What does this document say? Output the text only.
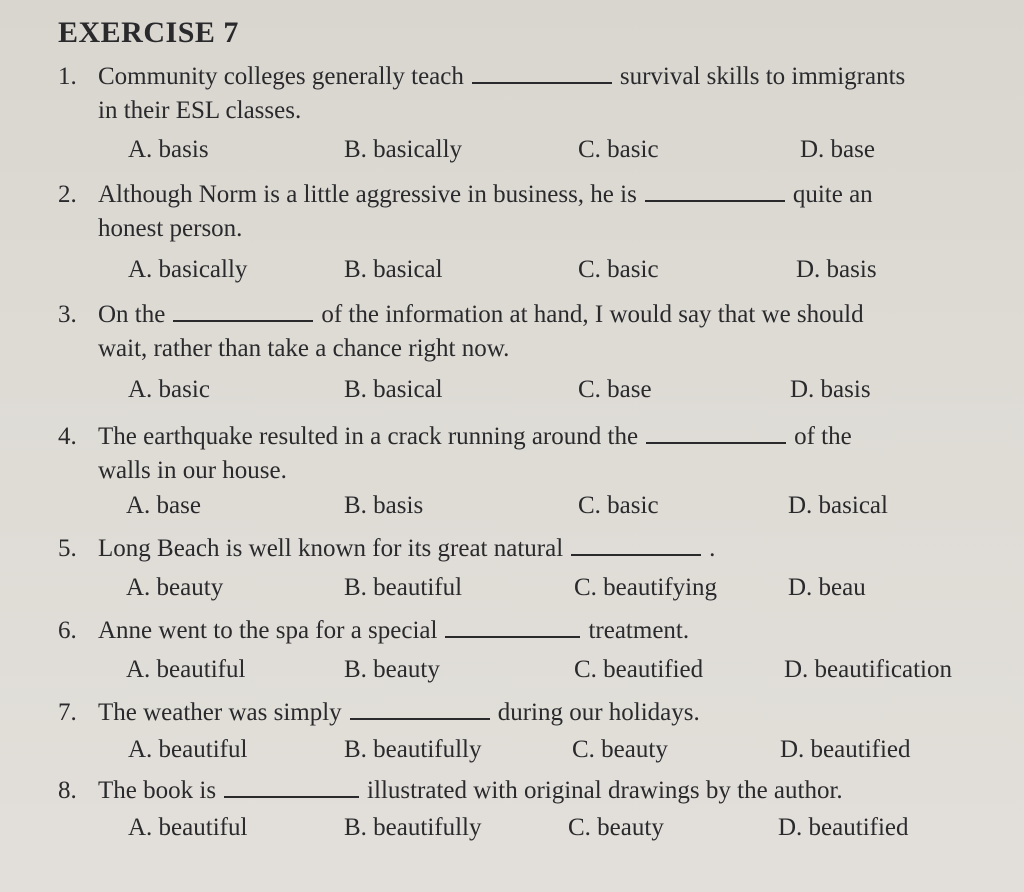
EXERCISE 7
1. Community colleges generally teach	survival skills to immigrants
in their ESL classes.
A. basis	B. basically	C. basic	D. base
2. Although Norm is a little aggressive in business, he is	quite an
honest person.
A. basically	B. basical	C. basic	D. basis
3. On the	of the information at hand, I would say that we should
wait, rather than take a chance right now.
A. basic	B. basical	C. base	D. basis
4. The earthquake resulted in a crack running around the	of the
walls in our house.
A. base	B. basis	C. basic	D. basical
5. Long Beach is well known for its great natural	.
A. beauty	B. beautiful	C. beautifying	D. beau
6. Anne went to the spa for a special	treatment.
A. beautiful	B. beauty	C. beautified	D. beautification
7. The weather was simply	during our holidays.
A. beautiful	B. beautifully	C. beauty	D. beautified
8. The book is	illustrated with original drawings by the author.
A. beautiful	B. beautifully	C. beauty	D. beautified
